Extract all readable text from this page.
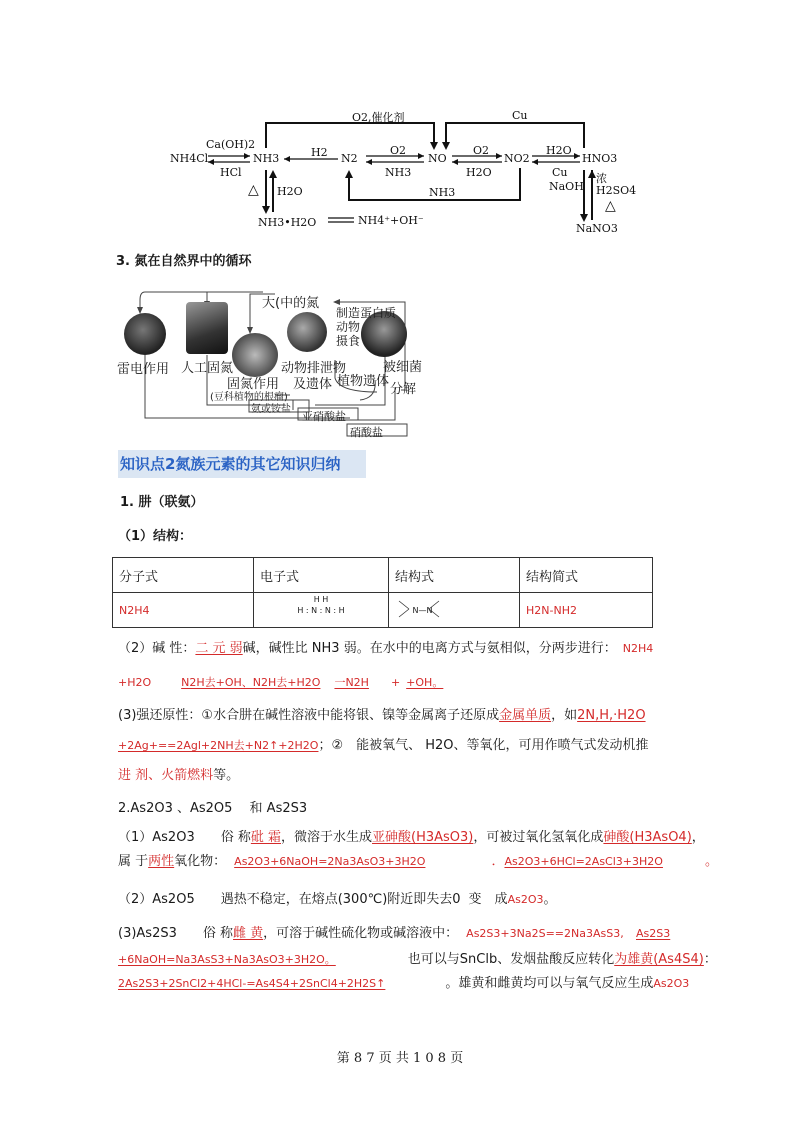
NH4Cl	NH3	N2	NO	NO2	HNO3
NH3•H2O	NH4⁺+OH⁻
NaNO3
Ca(OH)2
HCl
H2	O2
NH3
O2
H2O
H2O
Cu
NaOH
Cu
O2,催化剂
NH3
△ H2O
浓
H2SO4
△
3. 氮在自然界中的循环
大(中的氮
制造蛋白质
动物
摄食
雷电作用 人工固氮	动物排泄物
及遗体 植物遗体
被细菌
分解
固氮作用
(豆科植物的根瘤)
氨或铵盐
亚硝酸盐
硝酸盐
知识点2氮族元素的其它知识归纳
1. 肼（联氨）
（1）结构：
分子式	电子式	结构式	结构简式
N2H4	H H
H : N : N : H	N—N	H2N-NH2
（2）碱 性：二 元 弱碱，碱性比 NH3 弱。在水中的电离方式与氨相似，分两步进行： N2H4
+H2O	N2H去+OH、N2H去+H2O 一N2H + +OH。
(3)强还原性：①水合肼在碱性溶液中能将银、镍等金属离子还原成金属单质，如2N,H,·H2O
+2Ag+==2Agl+2NH去+N2↑+2H2O；②　能被氧气、 H2O、等氧化，可用作喷气式发动机推
进 剂、火箭燃料等。
2.As2O3 、As2O5　 和 As2S3
（1）As2O3　　俗 称砒 霜，微溶于水生成亚砷酸(H3AsO3)，可被过氧化氢氧化成砷酸(H3AsO4)，
属 于两性氧化物： As2O3+6NaOH=2Na3AsO3+3H2O	．As2O3+6HCl=2AsCl3+3H2O	。
（2）As2O5　　遇热不稳定，在熔点(300℃)附近即失去0 变　成As2O3。
(3)As2S3　　俗 称雌 黄，可溶于碱性硫化物或碱溶液中： As2S3+3Na2S==2Na3AsS3, As2S3
+6NaOH=Na3AsS3+Na3AsO3+3H2O。	也可以与SnClb、发烟盐酸反应转化为雄黄(As4S4)：
2As2S3+2SnCl2+4HCl-=As4S4+2SnCl4+2H2S↑	。雄黄和雌黄均可以与氧气反应生成As2O3
第 8 7 页 共 1 0 8 页
